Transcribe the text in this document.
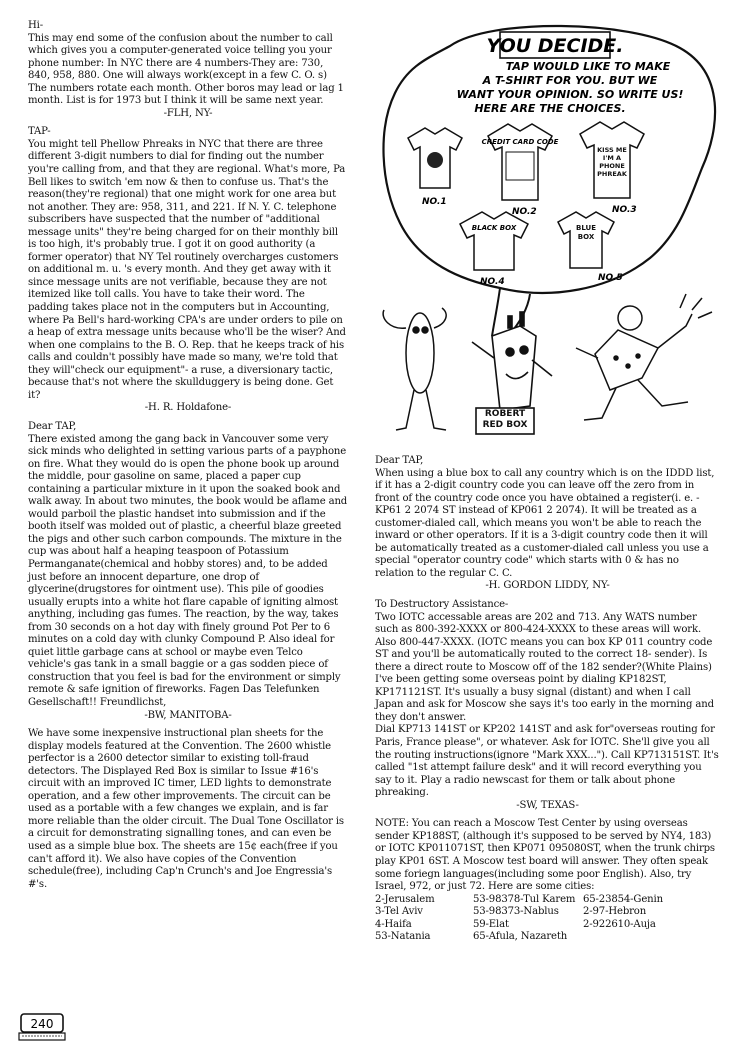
Hi-

This may end some of the confusion about the number to call which gives you a computer-generated voice telling you your phone number: In NYC there are 4 numbers-They are: 730, 840, 958, 880. One will always work(except in a few C. O. s) The numbers rotate each month. Other boros may lead or lag 1 month. List is for 1973 but I think it will be same next year.

-FLH, NY-

TAP-

You might tell Phellow Phreaks in NYC that there are three different 3-digit numbers to dial for finding out the number you're calling from, and that they are regional. What's more, Pa Bell likes to switch 'em now & then to confuse us. That's the reason(they're regional) that one might work for one area but not another. They are: 958, 311, and 221. If N. Y. C. telephone subscribers have suspected that the number of "additional message units" they're being charged for on their monthly bill is too high, it's probably true. I got it on good authority (a former operator) that NY Tel routinely overcharges customers on additional m. u. 's every month. And they get away with it since message units are not verifiable, because they are not itemized like toll calls. You have to take their word. The padding takes place not in the computers but in Accounting, where Pa Bell's hard-working CPA's are under orders to pile on a heap of extra message units because who'll be the wiser? And when one complains to the B. O. Rep. that he keeps track of his calls and couldn't possibly have made so many, we're told that they will"check our equipment"- a ruse, a diversionary tactic, because that's not where the skullduggery is being done. Get it?

-H. R. Holdafone-

Dear TAP,

There existed among the gang back in Vancouver some very sick minds who delighted in setting various parts of a payphone on fire. What they would do is open the phone book up around the middle, pour gasoline on same, placed a paper cup containing a particular mixture in it upon the soaked book and walk away. In about two minutes, the book would be aflame and would parboil the plastic handset into submission and if the booth itself was molded out of plastic, a cheerful blaze greeted the pigs and other such carbon compounds. The mixture in the cup was about half a heaping teaspoon of Potassium Permanganate(chemical and hobby stores) and, to be added just before an innocent departure, one drop of glycerine(drugstores for ointment use). This pile of goodies usually erupts into a white hot flare capable of igniting almost anything, including gas fumes. The reaction, by the way, takes from 30 seconds on a hot day with finely ground Pot Per to 6 minutes on a cold day with clunky Compound P. Also ideal for quiet little garbage cans at school or maybe even Telco vehicle's gas tank in a small baggie or a gas sodden piece of construction that you feel is bad for the environment or simply remote & safe ignition of fireworks. Fagen Das Telefunken Gesellschaft!! Freundlichst,

-BW, MANITOBA-

We have some inexpensive instructional plan sheets for the display models featured at the Convention. The 2600 whistle perfector is a 2600 detector similar to existing toll-fraud detectors. The Displayed Red Box is similar to Issue #16's circuit with an improved IC timer, LED lights to demonstrate operation, and a few other improvements. The circuit can be used as a portable with a few changes we explain, and is far more reliable than the older circuit. The Dual Tone Oscillator is a circuit for demonstrating signalling tones, and can even be used as a simple blue box. The sheets are 15¢ each(free if you can't afford it). We also have copies of the Convention schedule(free), including Cap'n Crunch's and Joe Engressia's #'s.

YOU DECIDE.
TAP WOULD LIKE TO MAKE
A T-SHIRT FOR YOU. BUT WE
WANT YOUR OPINION. SO WRITE US!
HERE ARE THE CHOICES.
NO.1
CREDIT CARD CODE
NO.2
KISS ME I'M A PHONE PHREAK
NO.3
BLACK BOX
NO.4
BLUE BOX
NO.5
ROBERT RED BOX

Dear TAP,

When using a blue box to call any country which is on the IDDD list, if it has a 2-digit country code you can leave off the zero from in front of the country code once you have obtained a register(i. e. -KP61 2 2074 ST instead of KP061 2 2074). It will be treated as a customer-dialed call, which means you won't be able to reach the inward or other operators. If it is a 3-digit country code then it will be automatically treated as a customer-dialed call unless you use a special "operator country code" which starts with 0 & has no relation to the regular C. C.

-H. GORDON LIDDY, NY-

To Destructory Assistance-

Two IOTC accessable areas are 202 and 713. Any WATS number such as 800-392-XXXX or 800-424-XXXX to these areas will work. Also 800-447-XXXX. (IOTC means you can box KP 011 country code ST and you'll be automatically routed to the correct 18- sender). Is there a direct route to Moscow off of the 182 sender?(White Plains) I've been getting some overseas point by dialing KP182ST, KP171121ST. It's usually a busy signal (distant) and when I call Japan and ask for Moscow she says it's too early in the morning and they don't answer.
Dial KP713 141ST or KP202 141ST and ask for"overseas routing for Paris, France please", or whatever. Ask for IOTC. She'll give you all the routing instructions(ignore "Mark XXX..."). Call KP713151ST. It's called "1st attempt failure desk" and it will record everything you say to it. Play a radio newscast for them or talk about phone phreaking.

-SW, TEXAS-

NOTE: You can reach a Moscow Test Center by using overseas sender KP188ST, (although it's supposed to be served by NY4, 183) or IOTC KP011071ST, then KP071 095080ST, when the trunk chirps play KP01 6ST. A Moscow test board will answer. They often speak some foriegn languages(including some poor English). Also, try Israel, 972, or just 72. Here are some cities:

2-Jerusalem	53-98378-Tul Karem 65-23854-Genin
3-Tel Aviv	53-98373-Nablus	2-97-Hebron
4-Haifa	59-Elat	2-922610-Auja
53-Natania	65-Afula, Nazareth
240
